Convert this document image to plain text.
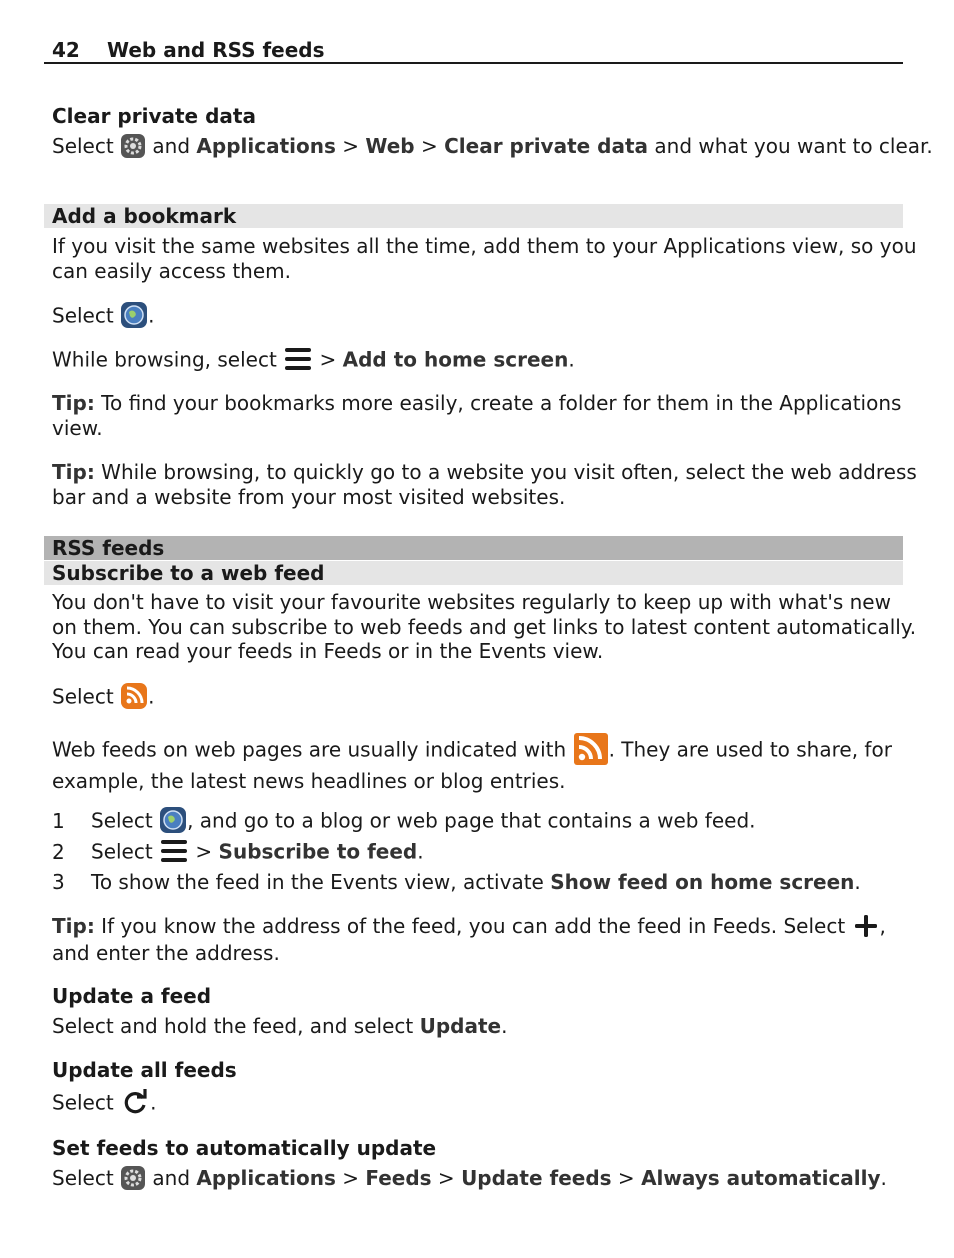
42 Web and RSS feeds
Clear private data
Select  and Applications > Web > Clear private data and what you want to clear.
Add a bookmark
If you visit the same websites all the time, add them to your Applications view, so you
can easily access them.
Select .
While browsing, select  > Add to home screen.
Tip: To find your bookmarks more easily, create a folder for them in the Applications
view.
Tip: While browsing, to quickly go to a website you visit often, select the web address
bar and a website from your most visited websites.
RSS feeds
Subscribe to a web feed
You don't have to visit your favourite websites regularly to keep up with what's new
on them. You can subscribe to web feeds and get links to latest content automatically.
You can read your feeds in Feeds or in the Events view.
Select .
Web feeds on web pages are usually indicated with . They are used to share, for
example, the latest news headlines or blog entries.
1 Select , and go to a blog or web page that contains a web feed.
2 Select  > Subscribe to feed.
3 To show the feed in the Events view, activate Show feed on home screen.
Tip: If you know the address of the feed, you can add the feed in Feeds. Select ,
and enter the address.
Update a feed
Select and hold the feed, and select Update.
Update all feeds
Select .
Set feeds to automatically update
Select  and Applications > Feeds > Update feeds > Always automatically.
